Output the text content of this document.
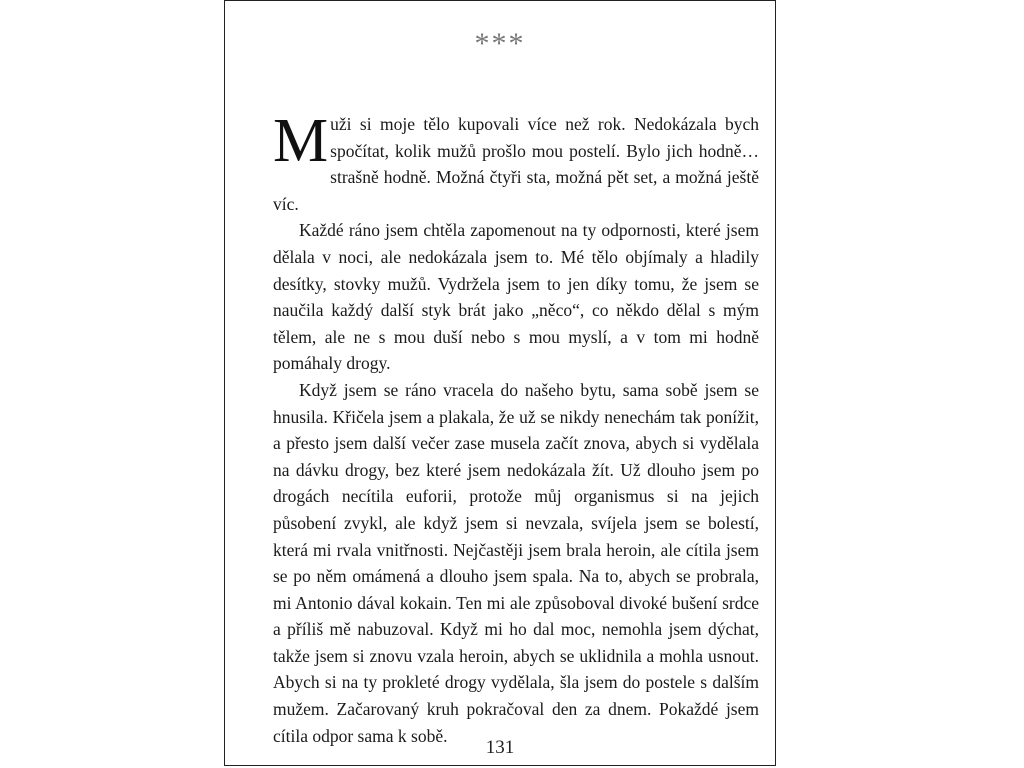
***

Muži si moje tělo kupovali více než rok. Nedokázala bych spočítat, kolik mužů prošlo mou postelí. Bylo jich hodně… strašně hodně. Možná čtyři sta, možná pět set, a možná ještě víc.

Každé ráno jsem chtěla zapomenout na ty odpornosti, které jsem dělala v noci, ale nedokázala jsem to. Mé tělo objímaly a hladily desítky, stovky mužů. Vydržela jsem to jen díky tomu, že jsem se naučila každý další styk brát jako „něco“, co někdo dělal s mým tělem, ale ne s mou duší nebo s mou myslí, a v tom mi hodně pomáhaly drogy.

Když jsem se ráno vracela do našeho bytu, sama sobě jsem se hnusila. Křičela jsem a plakala, že už se nikdy nenechám tak ponížit, a přesto jsem další večer zase musela začít znova, abych si vydělala na dávku drogy, bez které jsem nedokázala žít. Už dlouho jsem po drogách necítila euforii, protože můj organismus si na jejich působení zvykl, ale když jsem si nevzala, svíjela jsem se bolestí, která mi rvala vnitřnosti. Nejčastěji jsem brala heroin, ale cítila jsem se po něm omámená a dlouho jsem spala. Na to, abych se probrala, mi Antonio dával kokain. Ten mi ale způsoboval divoké bušení srdce a příliš mě nabuzoval. Když mi ho dal moc, nemohla jsem dýchat, takže jsem si znovu vzala heroin, abych se uklidnila a mohla usnout. Abych si na ty prokleté drogy vydělala, šla jsem do postele s dalším mužem. Začarovaný kruh pokračoval den za dnem. Pokaždé jsem cítila odpor sama k sobě.

131
